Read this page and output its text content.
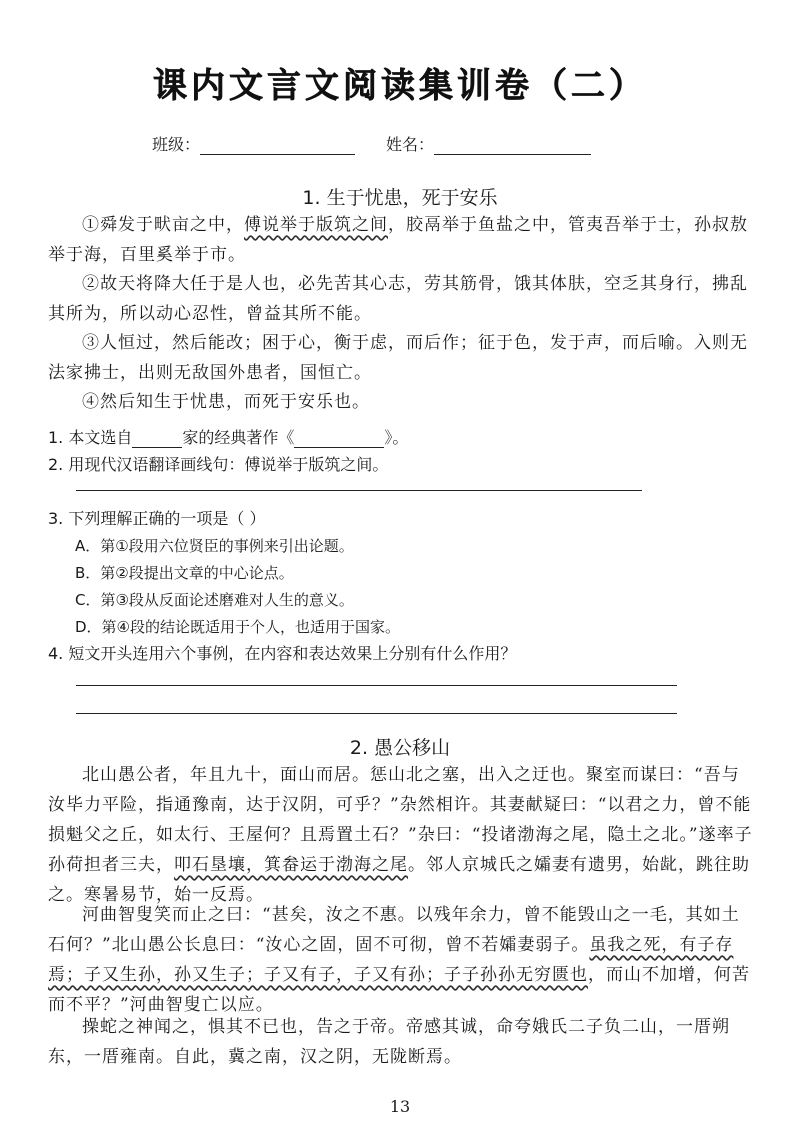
课内文言文阅读集训卷（二）
班级：	姓名：
1. 生于忧患，死于安乐

①舜发于畎亩之中，傅说举于版筑之间，胶鬲举于鱼盐之中，管夷吾举于士，孙叔敖举于海，百里奚举于市。

②故天将降大任于是人也，必先苦其心志，劳其筋骨，饿其体肤，空乏其身行，拂乱其所为，所以动心忍性，曾益其所不能。

③人恒过，然后能改；困于心，衡于虑，而后作；征于色，发于声，而后喻。入则无法家拂士，出则无敌国外患者，国恒亡。

④然后知生于忧患，而死于安乐也。

1. 本文选自	家的经典著作《	》。

2. 用现代汉语翻译画线句：傅说举于版筑之间。

3. 下列理解正确的一项是（ ）

A．第①段用六位贤臣的事例来引出论题。

B．第②段提出文章的中心论点。

C．第③段从反面论述磨难对人生的意义。

D．第④段的结论既适用于个人，也适用于国家。

4. 短文开头连用六个事例，在内容和表达效果上分别有什么作用？

2. 愚公移山

北山愚公者，年且九十，面山而居。惩山北之塞，出入之迂也。聚室而谋曰：“吾与汝毕力平险，指通豫南，达于汉阴，可乎？”杂然相许。其妻献疑曰：“以君之力，曾不能损魁父之丘，如太行、王屋何？且焉置土石？”杂曰：“投诸渤海之尾，隐土之北。”遂率子孙荷担者三夫，叩石垦壤，箕畚运于渤海之尾。邻人京城氏之孀妻有遗男，始龀，跳往助之。寒暑易节，始一反焉。

河曲智叟笑而止之曰：“甚矣，汝之不惠。以残年余力，曾不能毁山之一毛，其如土石何？”北山愚公长息曰：“汝心之固，固不可彻，曾不若孀妻弱子。虽我之死，有子存焉；子又生孙，孙又生子；子又有子，子又有孙；子子孙孙无穷匮也，而山不加增，何苦而不平？”河曲智叟亡以应。

操蛇之神闻之，惧其不已也，告之于帝。帝感其诚，命夸娥氏二子负二山，一厝朔东，一厝雍南。自此，冀之南，汉之阴，无陇断焉。

13
